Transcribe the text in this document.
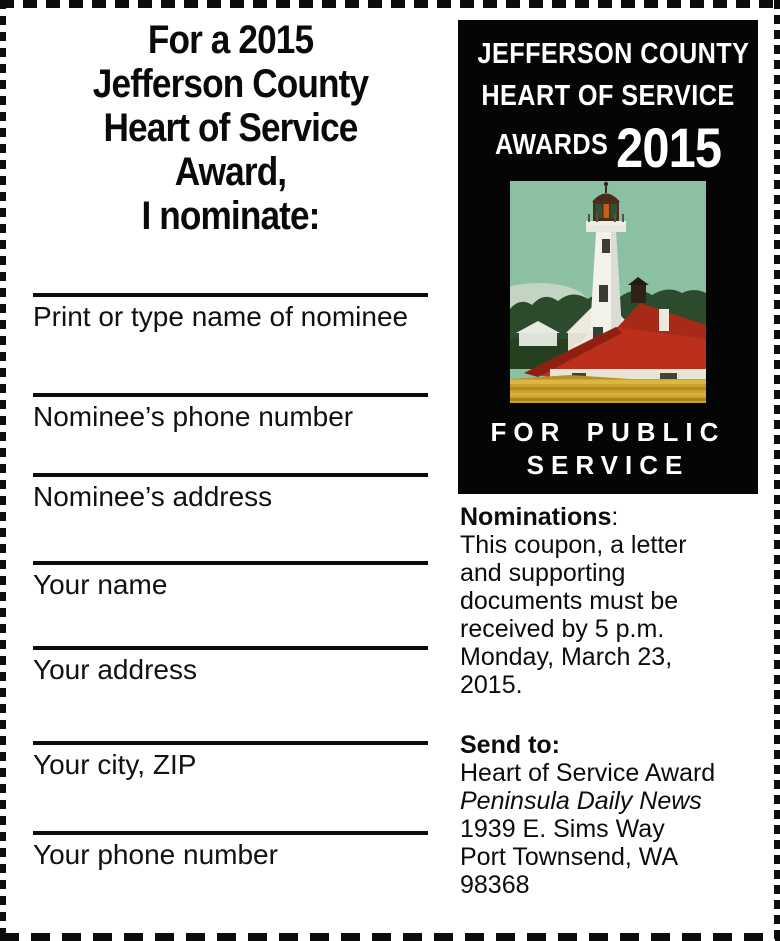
For a 2015
Jefferson County
Heart of Service
Award,
I nominate:
Print or type name of nominee
Nominee’s phone number
Nominee’s address
Your name
Your address
Your city, ZIP
Your phone number
JEFFERSON COUNTY
HEART OF SERVICE
AWARDS 2015
FOR PUBLIC
SERVICE
Nominations:
This coupon, a letter and supporting documents must be received by 5 p.m. Monday, March 23, 2015.
Send to:
Heart of Service Award
Peninsula Daily News
1939 E. Sims Way
Port Townsend, WA
98368
